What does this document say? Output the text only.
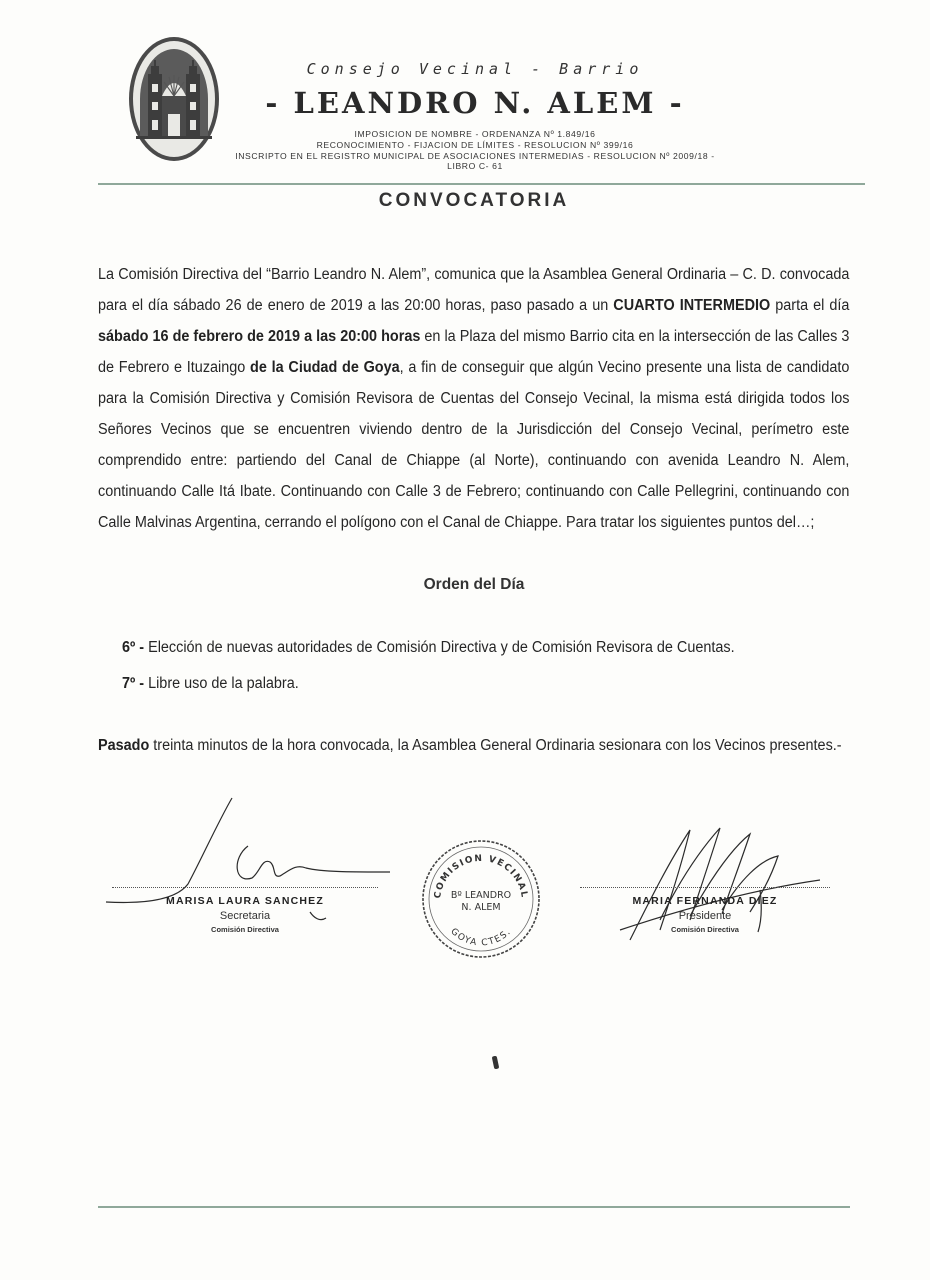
Consejo Vecinal - Barrio
- LEANDRO N. ALEM -
IMPOSICION DE NOMBRE - ORDENANZA Nº 1.849/16
RECONOCIMIENTO - FIJACION DE LÍMITES - RESOLUCION Nº 399/16
INSCRIPTO EN EL REGISTRO MUNICIPAL DE ASOCIACIONES INTERMEDIAS - RESOLUCION Nº 2009/18 - LIBRO C- 61
CONVOCATORIA
La Comisión Directiva del “Barrio Leandro N. Alem”, comunica que la Asamblea General Ordinaria – C. D. convocada para el día sábado 26 de enero de 2019 a las 20:00 horas, paso pasado a un CUARTO INTERMEDIO parta el día sábado 16 de febrero de 2019 a las 20:00 horas en la Plaza del mismo Barrio cita en la intersección de las Calles 3 de Febrero e Ituzaingo de la Ciudad de Goya, a fin de conseguir que algún Vecino presente una lista de candidato para la Comisión Directiva y Comisión Revisora de Cuentas del Consejo Vecinal, la misma está dirigida todos los Señores Vecinos que se encuentren viviendo dentro de la Jurisdicción del Consejo Vecinal, perímetro este comprendido entre: partiendo del Canal de Chiappe (al Norte), continuando con avenida Leandro N. Alem, continuando Calle Itá Ibate. Continuando con Calle 3 de Febrero; continuando con Calle Pellegrini, continuando con Calle Malvinas Argentina, cerrando el polígono con el Canal de Chiappe. Para tratar los siguientes puntos del…;
Orden del Día
6º - Elección de nuevas autoridades de Comisión Directiva y de Comisión Revisora de Cuentas.
7º - Libre uso de la palabra.
Pasado treinta minutos de la hora convocada, la Asamblea General Ordinaria sesionara con los Vecinos presentes.-
MARISA LAURA SANCHEZ
Secretaria
Comisión Directiva
MARIA FERNANDA DIEZ
Presidente
Comisión Directiva
COMISION VECINAL
Bº LEANDRO
N. ALEM
GOYA CTES.
